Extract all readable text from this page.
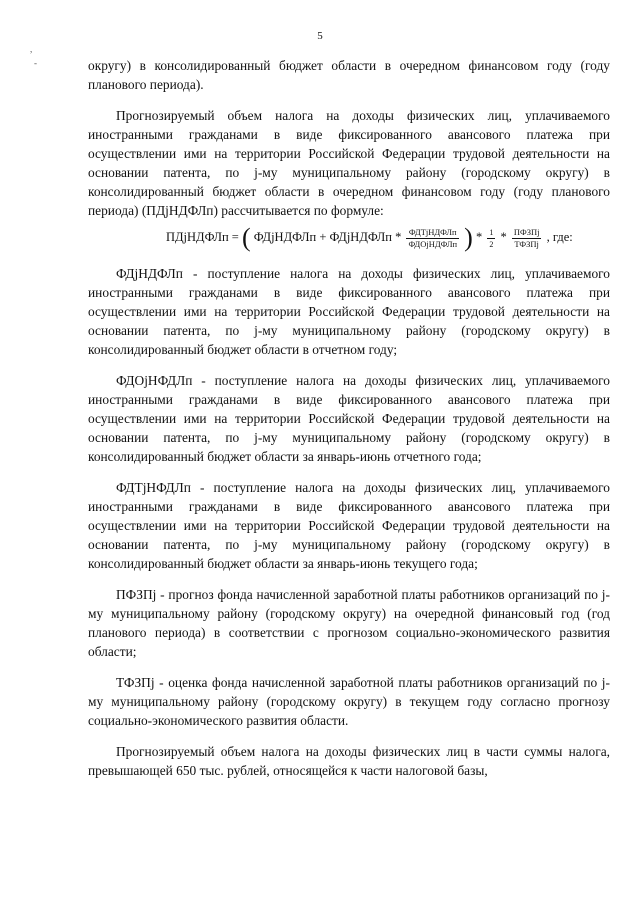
5
,
-	округу) в консолидированный бюджет области в очередном финансовом году (году планового периода).

Прогнозируемый объем налога на доходы физических лиц, уплачиваемого иностранными гражданами в виде фиксированного авансового платежа при осуществлении ими на территории Российской Федерации трудовой деятельности на основании патента, по j-му муниципальному району (городскому округу) в консолидированный бюджет области в очередном финансовом году (году планового периода) (ПДjНДФЛп) рассчитывается по формуле:

ПДjНДФЛп = ( ФДjНДФЛп + ФДjНДФЛп * $\frac{\text{ФДТjНДФЛп}}{\text{ФДОjНДФЛп}}$ ) * $\frac{1}{2} * \frac{\text{ПФЗПj}}{\text{ТФЗПj}}$ , где:

ФДjНДФЛп - поступление налога на доходы физических лиц, уплачиваемого иностранными гражданами в виде фиксированного авансового платежа при осуществлении ими на территории Российской Федерации трудовой деятельности на основании патента, по j-му муниципальному району (городскому округу) в консолидированный бюджет области в отчетном году;

ФДОjНФДЛп - поступление налога на доходы физических лиц, уплачиваемого иностранными гражданами в виде фиксированного авансового платежа при осуществлении ими на территории Российской Федерации трудовой деятельности на основании патента, по j-му муниципальному району (городскому округу) в консолидированный бюджет области за январь-июнь отчетного года;

ФДТjНФДЛп - поступление налога на доходы физических лиц, уплачиваемого иностранными гражданами в виде фиксированного авансового платежа при осуществлении ими на территории Российской Федерации трудовой деятельности на основании патента, по j-му муниципальному району (городскому округу) в консолидированный бюджет области за январь-июнь текущего года;

ПФЗПj - прогноз фонда начисленной заработной платы работников организаций по j-му муниципальному району (городскому округу) на очередной финансовый год (год планового периода) в соответствии с прогнозом социально-экономического развития области;

ТФЗПj - оценка фонда начисленной заработной платы работников организаций по j-му муниципальному району (городскому округу) в текущем году согласно прогнозу социально-экономического развития области.

Прогнозируемый объем налога на доходы физических лиц в части суммы налога, превышающей 650 тыс. рублей, относящейся к части налоговой базы,
